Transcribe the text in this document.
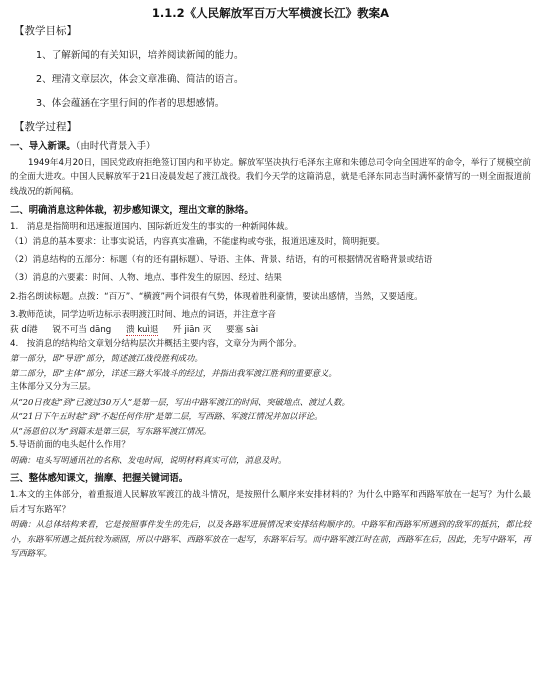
1.1.2《人民解放军百万大军横渡长江》教案A
【教学目标】
1、了解新闻的有关知识，培养阅读新闻的能力。
2、理清文章层次，体会文章准确、简洁的语言。
3、体会蕴涵在字里行间的作者的思想感情。
【教学过程】
一、导入新课。（由时代背景入手）

1949年4月20日，国民党政府拒绝签订国内和平协定。解放军坚决执行毛泽东主席和朱德总司令向全国进军的命令，举行了规模空前的全面大进攻。中国人民解放军于21日凌晨发起了渡江战役。我们今天学的这篇消息，就是毛泽东同志当时满怀豪情写的一则全面报道前线战况的新闻稿。

二、明确消息这种体裁，初步感知课文，理出文章的脉络。

1.　消息是指简明和迅速报道国内、国际新近发生的事实的一种新闻体裁。

（1）消息的基本要求：让事实说话，内容真实准确，不能虚构或夸张，报道迅速及时，简明扼要。

（2）消息结构的五部分：标题（有的还有副标题）、导语、主体、背景、结语，有的可根据情况省略背景或结语

（3）消息的六要素：时间、人物、地点、事件发生的原因、经过、结果

2.指名朗读标题。点拨：“百万”、“横渡”两个词很有气势，体现着胜利豪情，要读出感情，当然，又要适度。

3.教师范读，同学边听边标示表明渡江时间、地点的词语，并注意字音

荻 dí港 锐不可当 dāng 溃 kuì退 歼 jiān 灭 要塞 sài

4.　按消息的结构给文章划分结构层次并概括主要内容，文章分为两个部分。

第一部分，即“导语”部分，简述渡江战役胜利成功。

第二部分，即“主体”部分，详述三路大军战斗的经过，并指出我军渡江胜利的重要意义。

主体部分又分为三层。

从“20日夜起”到“已渡过30万人”是第一层，写出中路军渡江的时间、突破地点、渡过人数。

从“21日下午五时起”到“不起任何作用”是第二层，写西路、军渡江情况并加以评论。

从“汤恩伯以为”到篇末是第三层，写东路军渡江情况。

5.导语前面的电头起什么作用？

明确：电头写明通讯社的名称、发电时间，说明材料真实可信，消息及时。

三、整体感知课文，揣摩、把握关键词语。

1.本文的主体部分，着重报道人民解放军渡江的战斗情况，是按照什么顺序来安排材料的？为什么中路军和西路军放在一起写？为什么最后才写东路军？

明确：从总体结构来看，它是按照事件发生的先后，以及各路军进展情况来安排结构顺序的。中路军和西路军所遇到的敌军的抵抗，都比较小，东路军所遇之抵抗较为顽固，所以中路军、西路军放在一起写，东路军后写。而中路军渡江时在前，西路军在后，因此，先写中路军，再写西路军。
